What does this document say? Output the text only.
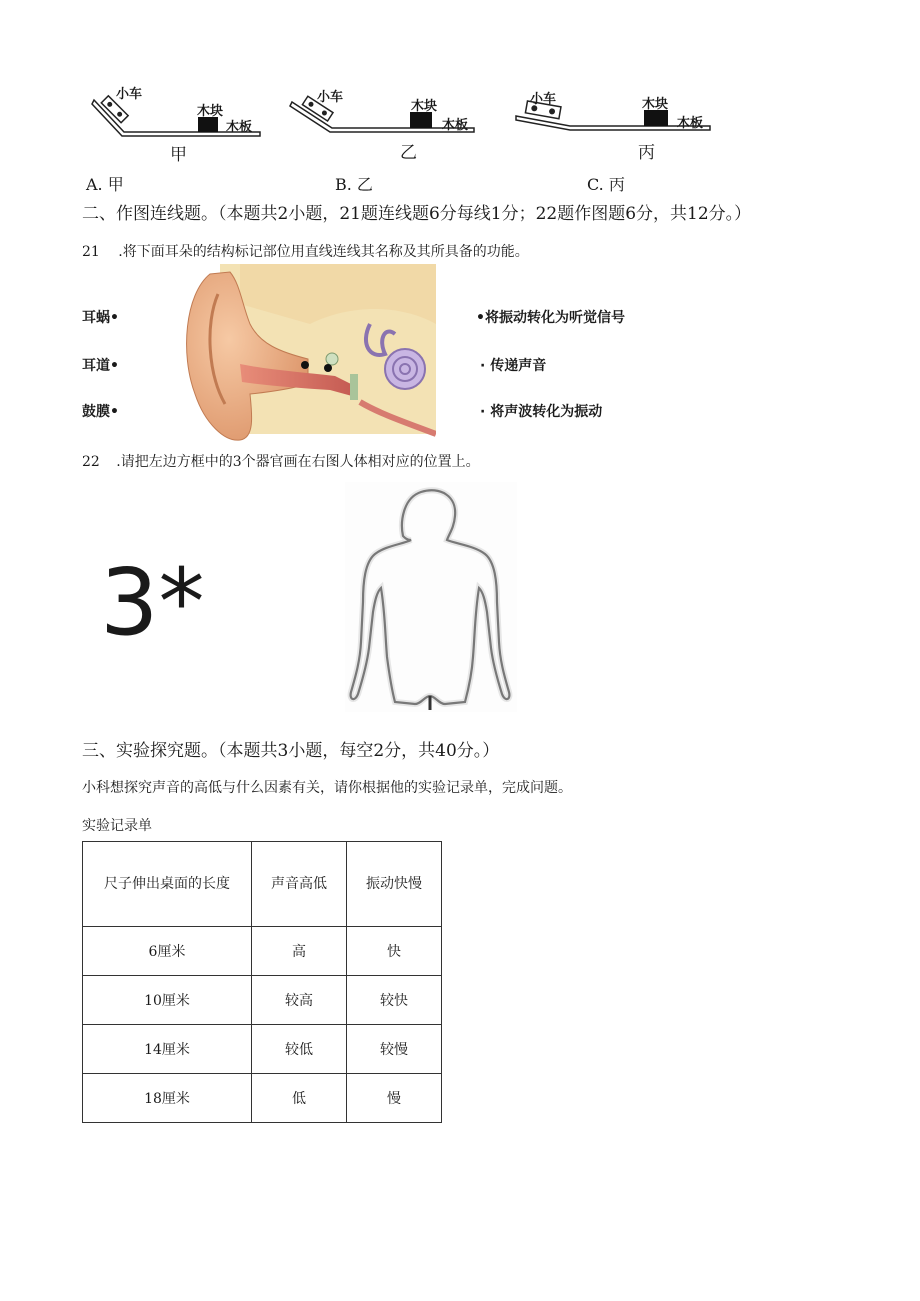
小车
木块
木板
甲
小车
木块
木板
乙
小车	木块
木板
丙
A. 甲	B. 乙	C. 丙
二、作图连线题。（本题共2小题，21题连线题6分每线1分；22题作图题6分，共12分。）
21 .将下面耳朵的结构标记部位用直线连线其名称及其所具备的功能。
耳蜗•
耳道•
鼓膜•
•将振动转化为听觉信号
· 传递声音
· 将声波转化为振动
22 .请把左边方框中的3个器官画在右图人体相对应的位置上。
3*
三、实验探究题。（本题共3小题，每空2分，共40分。）
小科想探究声音的高低与什么因素有关，请你根据他的实验记录单，完成问题。
实验记录单
尺子伸出桌面的长度	声音高低	振动快慢
6厘米	高	快
10厘米	较高	较快
14厘米	较低	较慢
18厘米	低	慢
